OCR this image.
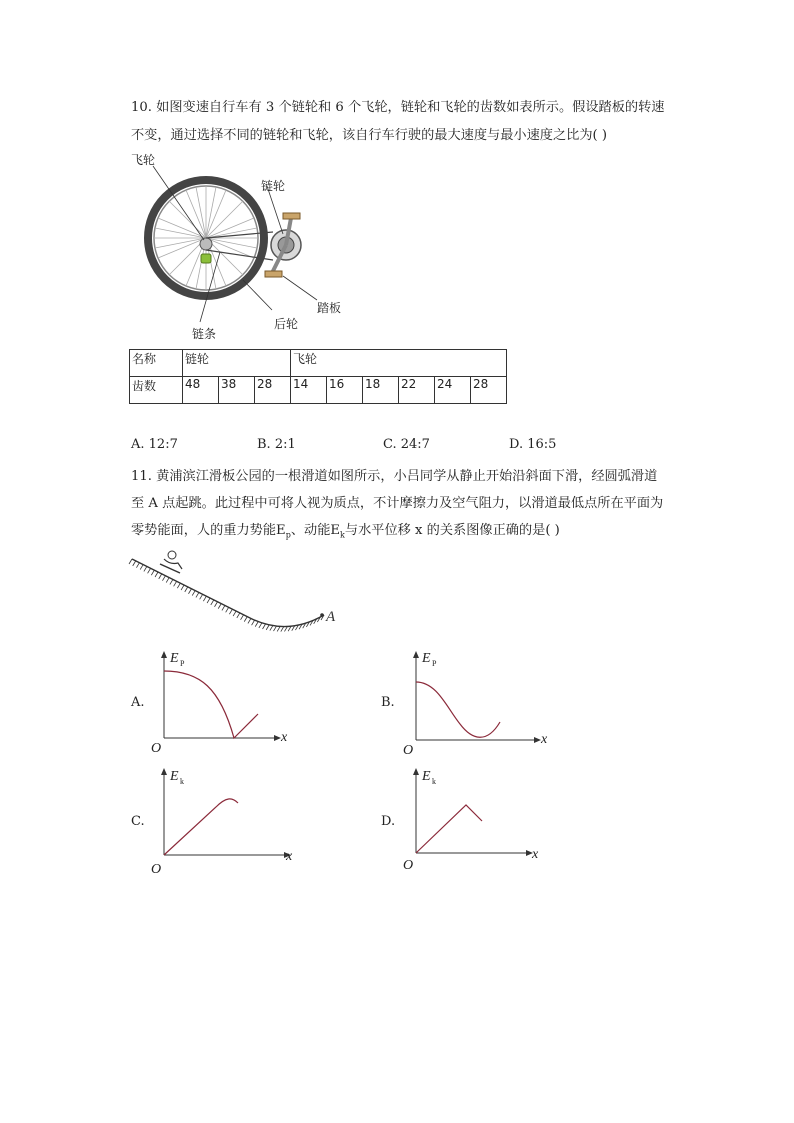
10. 如图变速自行车有 3 个链轮和 6 个飞轮，链轮和飞轮的齿数如表所示。假设踏板的转速
不变，通过选择不同的链轮和飞轮，该自行车行驶的最大速度与最小速度之比为( )
飞轮
链轮
踏板
后轮
链条
名称	链轮			飞轮					
齿数	48	38	28	14	16	18	22	24	28
A. 12:7	B. 2:1	C. 24:7	D. 16:5
11. 黄浦滨江滑板公园的一根滑道如图所示，小吕同学从静止开始沿斜面下滑，经圆弧滑道
至 A 点起跳。此过程中可将人视为质点，不计摩擦力及空气阻力，以滑道最低点所在平面为
零势能面，人的重力势能$E_p$、动能$E_k$与水平位移 x 的关系图像正确的是( )
A
A.
E P
x
O
B.
E P
x
O
C.
E k
x
O
D.
E k
x
O
